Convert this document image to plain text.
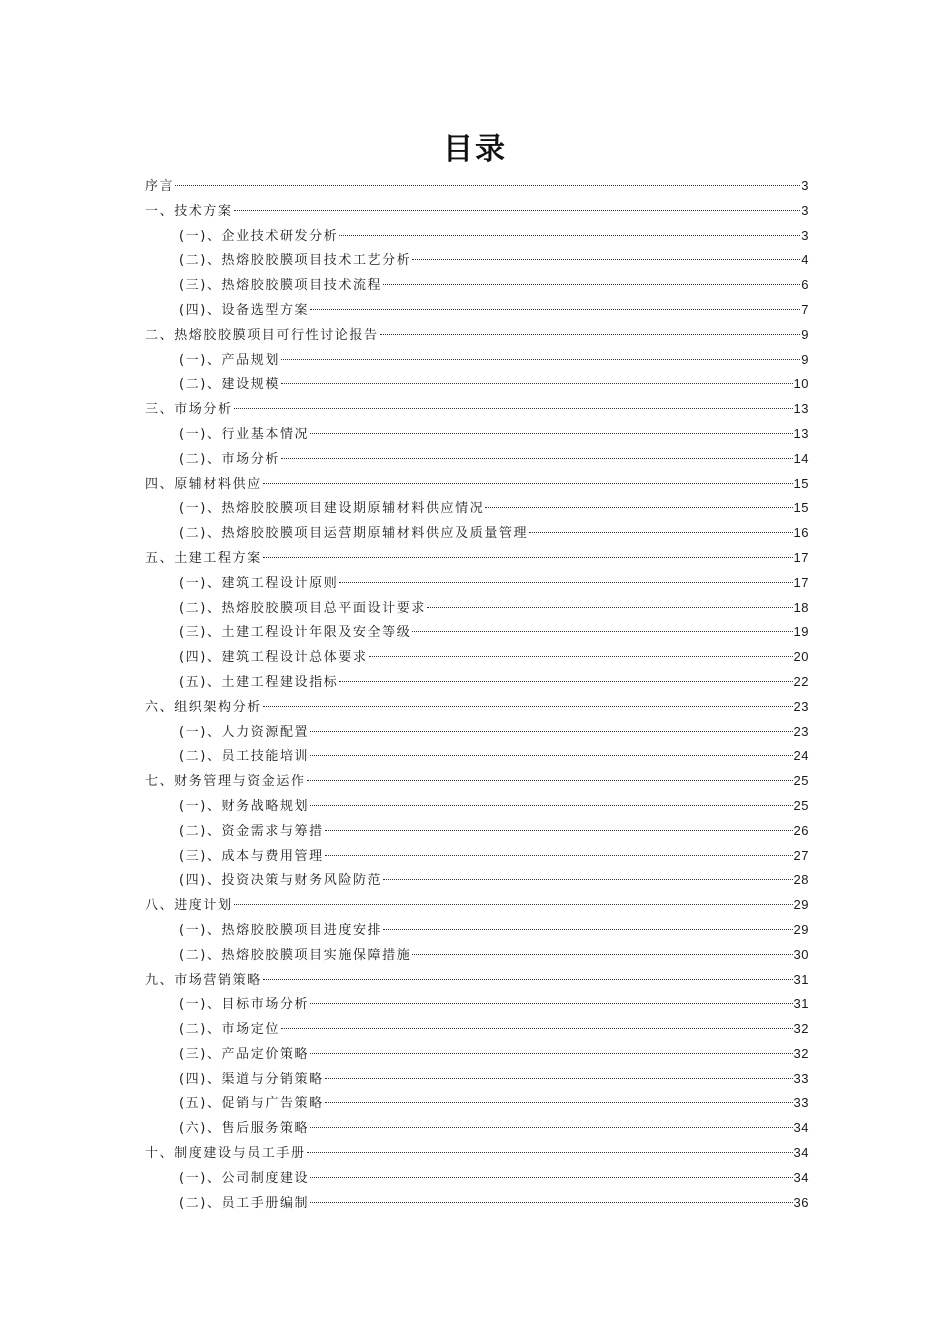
目录
序言	3
一、技术方案	3
(一)、企业技术研发分析	3
(二)、热熔胶胶膜项目技术工艺分析	4
(三)、热熔胶胶膜项目技术流程	6
(四)、设备选型方案	7
二、热熔胶胶膜项目可行性讨论报告	9
(一)、产品规划	9
(二)、建设规模	10
三、市场分析	13
(一)、行业基本情况	13
(二)、市场分析	14
四、原辅材料供应	15
(一)、热熔胶胶膜项目建设期原辅材料供应情况	15
(二)、热熔胶胶膜项目运营期原辅材料供应及质量管理	16
五、土建工程方案	17
(一)、建筑工程设计原则	17
(二)、热熔胶胶膜项目总平面设计要求	18
(三)、土建工程设计年限及安全等级	19
(四)、建筑工程设计总体要求	20
(五)、土建工程建设指标	22
六、组织架构分析	23
(一)、人力资源配置	23
(二)、员工技能培训	24
七、财务管理与资金运作	25
(一)、财务战略规划	25
(二)、资金需求与筹措	26
(三)、成本与费用管理	27
(四)、投资决策与财务风险防范	28
八、进度计划	29
(一)、热熔胶胶膜项目进度安排	29
(二)、热熔胶胶膜项目实施保障措施	30
九、市场营销策略	31
(一)、目标市场分析	31
(二)、市场定位	32
(三)、产品定价策略	32
(四)、渠道与分销策略	33
(五)、促销与广告策略	33
(六)、售后服务策略	34
十、制度建设与员工手册	34
(一)、公司制度建设	34
(二)、员工手册编制	36
